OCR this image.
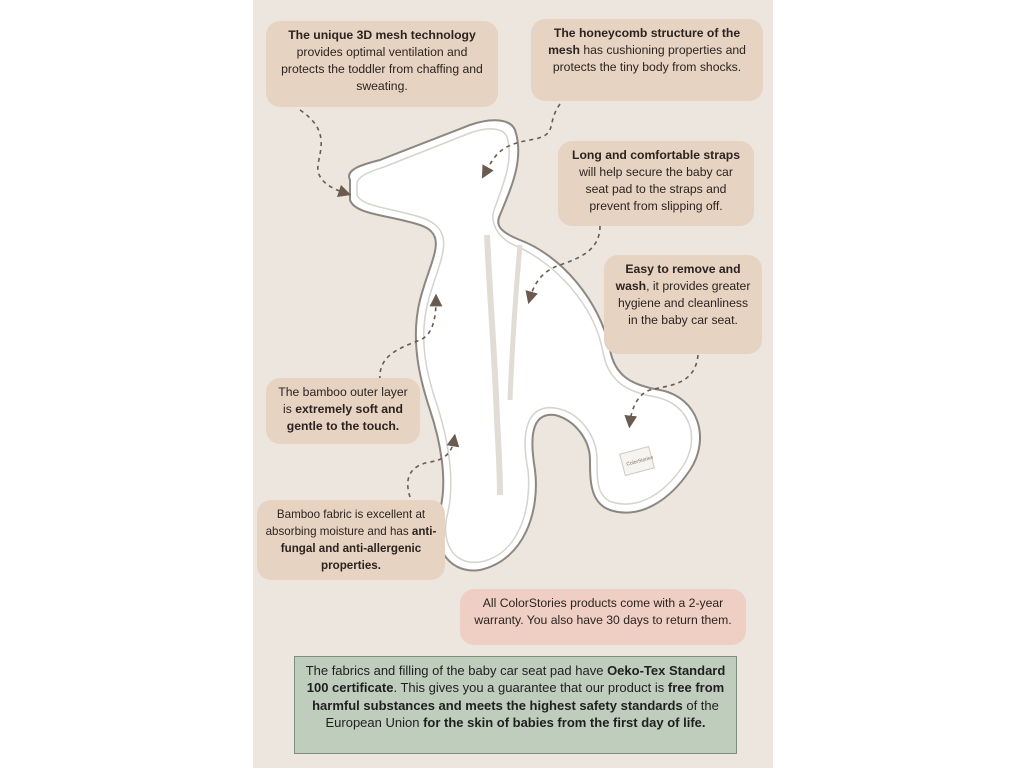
ColorStories
The unique 3D mesh technology provides optimal ventilation and protects the toddler from chaffing and sweating.
The honeycomb structure of the mesh has cushioning properties and protects the tiny body from shocks.
Long and comfortable straps will help secure the baby car seat pad to the straps and prevent from slipping off.
Easy to remove and wash, it provides greater hygiene and cleanliness in the baby car seat.
The bamboo outer layer is extremely soft and gentle to the touch.
Bamboo fabric is excellent at absorbing moisture and has anti-fungal and anti-allergenic properties.
All ColorStories products come with a 2-year warranty. You also have 30 days to return them.
The fabrics and filling of the baby car seat pad have Oeko-Tex Standard 100 certificate. This gives you a guarantee that our product is free from harmful substances and meets the highest safety standards of the European Union for the skin of babies from the first day of life.
